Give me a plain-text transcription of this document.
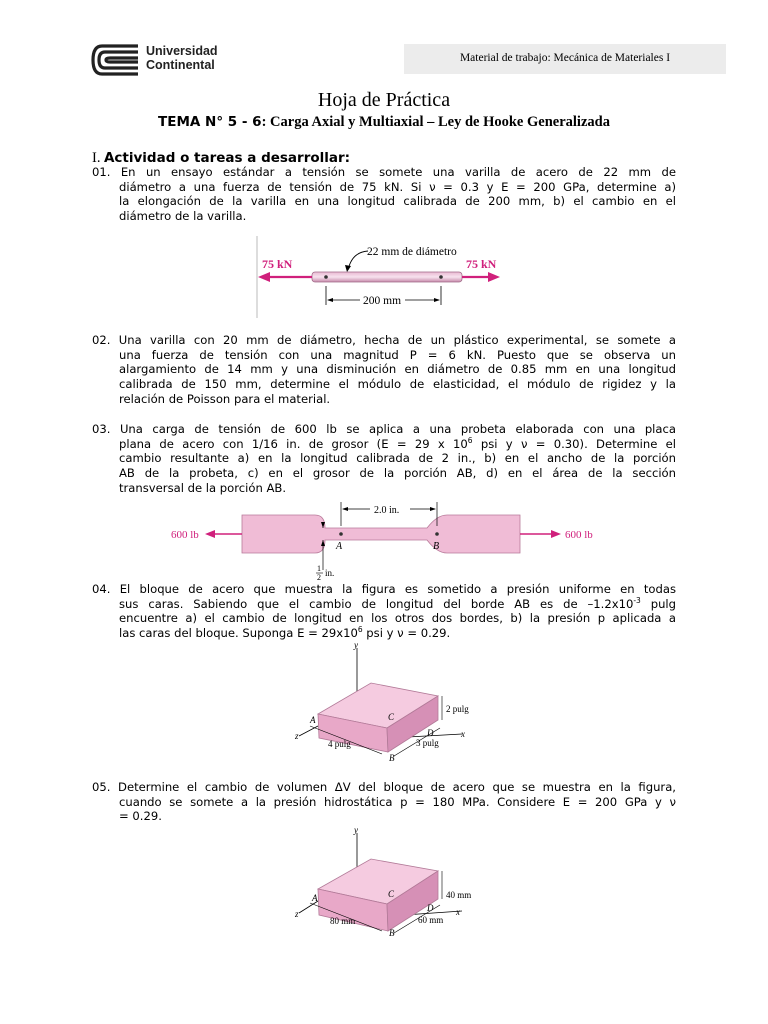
Universidad
Continental	Material de trabajo: Mecánica de Materiales I
Hoja de Práctica
TEMA N° 5 - 6: Carga Axial y Multiaxial – Ley de Hooke Generalizada
I. Actividad o tareas a desarrollar:
01. En un ensayo estándar a tensión se somete una varilla de acero de 22 mm de
diámetro a una fuerza de tensión de 75 kN. Si ν = 0.3 y E = 200 GPa, determine a)
la elongación de la varilla en una longitud calibrada de 200 mm, b) el cambio en el
diámetro de la varilla.
75 kN	75 kN
22 mm de diámetro
200 mm
02. Una varilla con 20 mm de diámetro, hecha de un plástico experimental, se somete a
una fuerza de tensión con una magnitud P = 6 kN. Puesto que se observa un
alargamiento de 14 mm y una disminución en diámetro de 0.85 mm en una longitud
calibrada de 150 mm, determine el módulo de elasticidad, el módulo de rigidez y la
relación de Poisson para el material.
03. Una carga de tensión de 600 lb se aplica a una probeta elaborada con una placa
plana de acero con 1/16 in. de grosor (E = 29 x $10^6$ psi y ν = 0.30). Determine el
cambio resultante a) en la longitud calibrada de 2 in., b) en el ancho de la porción
AB de la probeta, c) en el grosor de la porción AB, d) en el área de la sección
transversal de la porción AB.
600 lb	600 lb
A	B
2.0 in.
1
2 in.
04. El bloque de acero que muestra la figura es sometido a presión uniforme en todas
sus caras. Sabiendo que el cambio de longitud del borde AB es de $-1.2x10^{-3}$ pulg
encuentre a) el cambio de longitud en los otros dos bordes, b) la presión p aplicada a
las caras del bloque. Suponga $E = 29x10^6$ psi y ν = 0.29.
y
x
z
A
B
C
D
4 pulg	3 pulg
2 pulg
05. Determine el cambio de volumen ΔV del bloque de acero que se muestra en la figura,
cuando se somete a la presión hidrostática p = 180 MPa. Considere E = 200 GPa y ν
= 0.29.
y
x
z
A
B
C
D
80 mm	60 mm
40 mm
